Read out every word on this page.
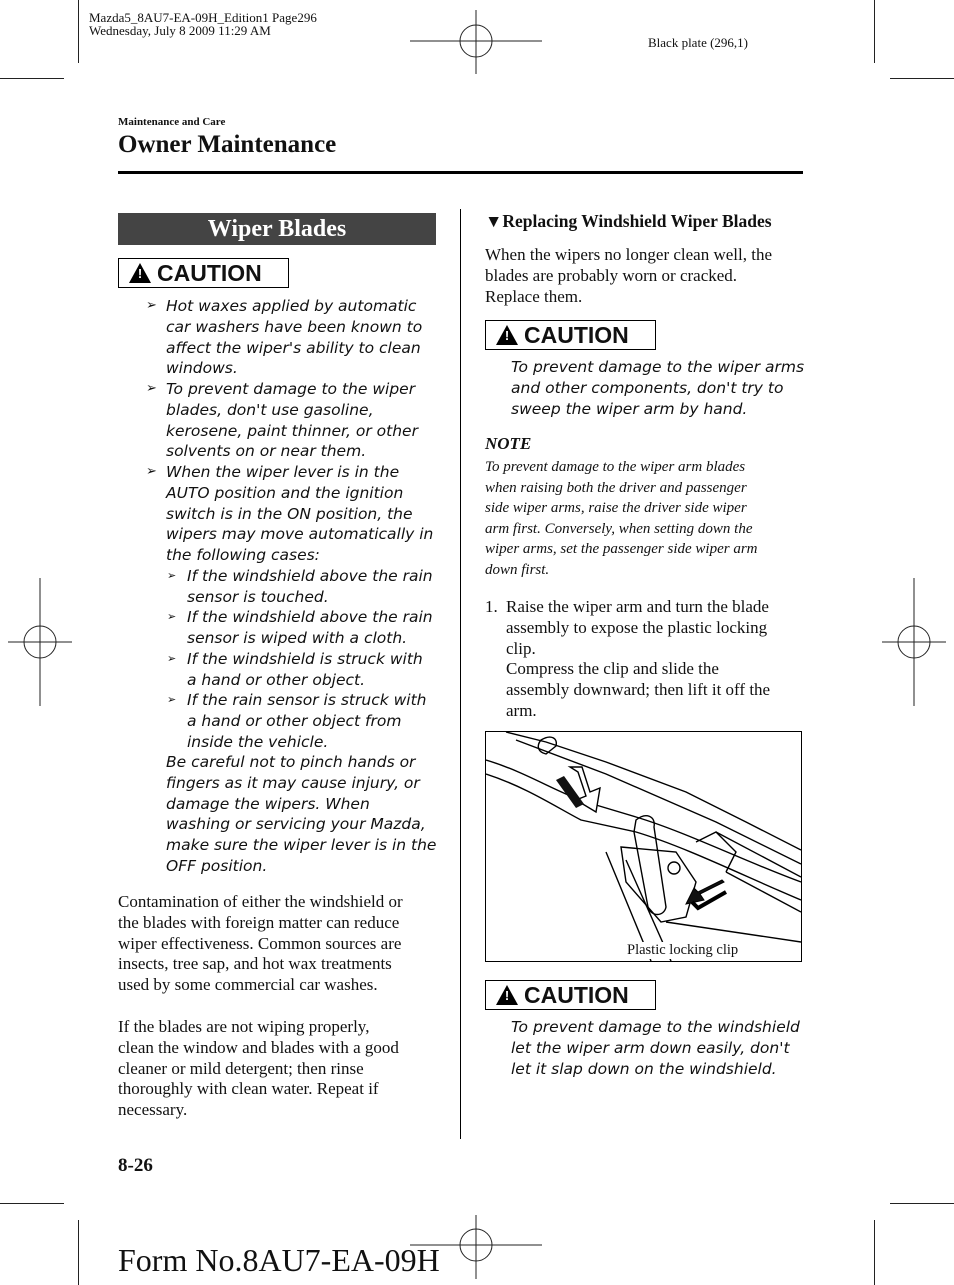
Mazda5_8AU7-EA-09H_Edition1 Page296
Wednesday, July 8 2009 11:29 AM
Black plate (296,1)
Maintenance and Care
Owner Maintenance
Wiper Blades
! CAUTION
➢ Hot waxes applied by automatic
car washers have been known to
affect the wiper's ability to clean
windows.
➢ To prevent damage to the wiper
blades, don't use gasoline,
kerosene, paint thinner, or other
solvents on or near them.
➢ When the wiper lever is in the
AUTO position and the ignition
switch is in the ON position, the
wipers may move automatically in
the following cases:
➢ If the windshield above the rain
sensor is touched.
➢ If the windshield above the rain
sensor is wiped with a cloth.
➢ If the windshield is struck with
a hand or other object.
➢ If the rain sensor is struck with
a hand or other object from
inside the vehicle.
Be careful not to pinch hands or
fingers as it may cause injury, or
damage the wipers. When
washing or servicing your Mazda,
make sure the wiper lever is in the
OFF position.
Contamination of either the windshield or
the blades with foreign matter can reduce
wiper effectiveness. Common sources are
insects, tree sap, and hot wax treatments
used by some commercial car washes.
If the blades are not wiping properly,
clean the window and blades with a good
cleaner or mild detergent; then rinse
thoroughly with clean water. Repeat if
necessary.
▼Replacing Windshield Wiper Blades
When the wipers no longer clean well, the
blades are probably worn or cracked.
Replace them.
! CAUTION
To prevent damage to the wiper arms
and other components, don't try to
sweep the wiper arm by hand.
NOTE
To prevent damage to the wiper arm blades
when raising both the driver and passenger
side wiper arms, raise the driver side wiper
arm first. Conversely, when setting down the
wiper arms, set the passenger side wiper arm
down first.
1. Raise the wiper arm and turn the blade
assembly to expose the plastic locking
clip.
Compress the clip and slide the
assembly downward; then lift it off the
arm.
Plastic locking clip
! CAUTION
To prevent damage to the windshield
let the wiper arm down easily, don't
let it slap down on the windshield.
8-26
Form No.8AU7-EA-09H
